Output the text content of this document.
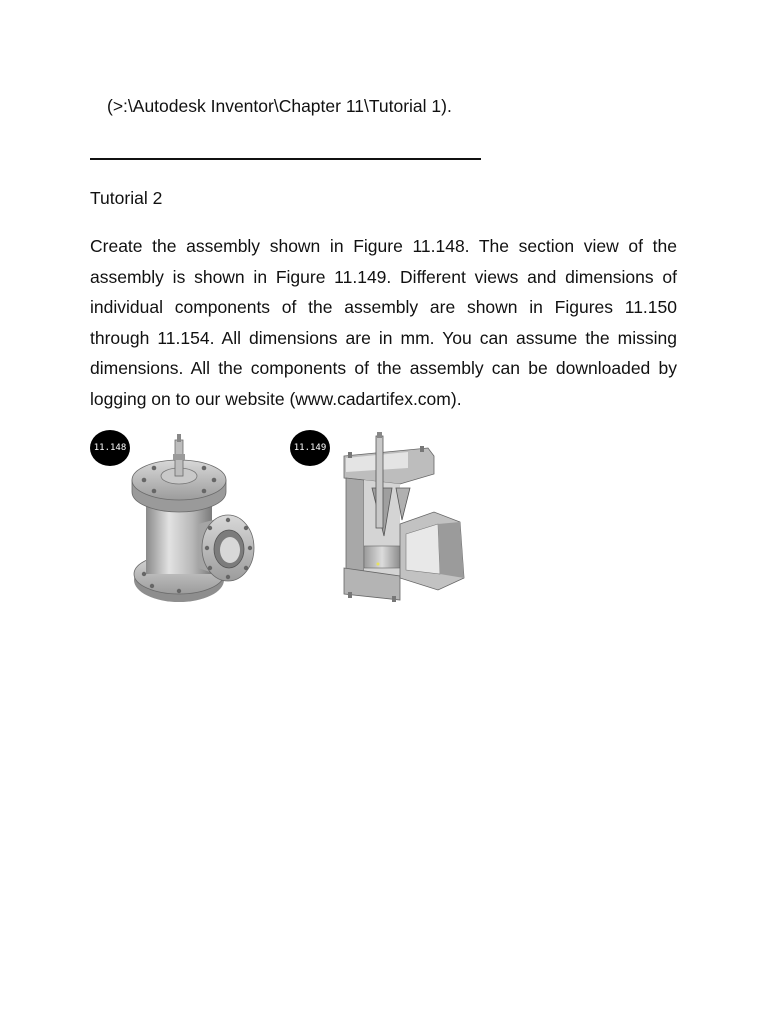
(>:\Autodesk Inventor\Chapter 11\Tutorial 1).
Tutorial 2
Create the assembly shown in Figure 11.148. The section view of the assembly is shown in Figure 11.149. Different views and dimensions of individual components of the assembly are shown in Figures 11.150 through 11.154. All dimensions are in mm. You can assume the missing dimensions. All the components of the assembly can be downloaded by logging on to our website (www.cadartifex.com).
11.148	11.149
